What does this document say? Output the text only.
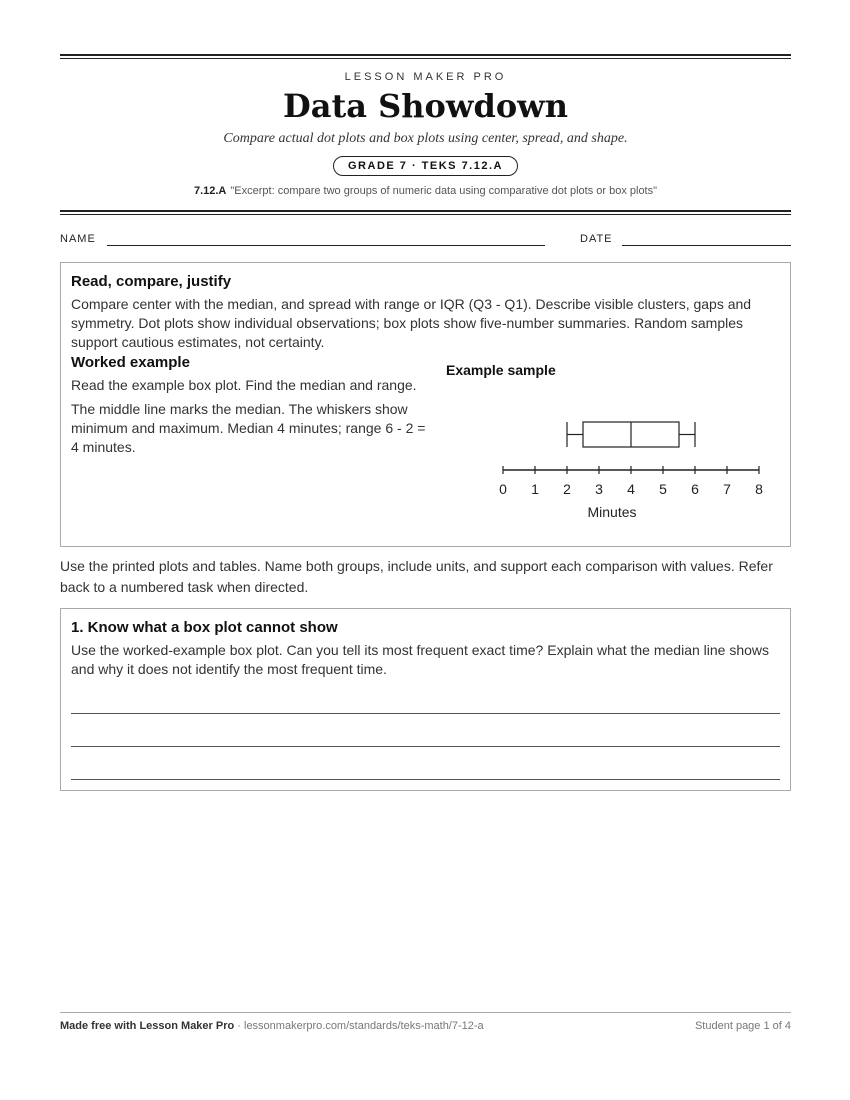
LESSON MAKER PRO
Data Showdown
Compare actual dot plots and box plots using center, spread, and shape.
GRADE 7 · TEKS 7.12.A
7.12.A "Excerpt: compare two groups of numeric data using comparative dot plots or box plots"
NAME	DATE
Read, compare, justify
Compare center with the median, and spread with range or IQR (Q3 - Q1). Describe visible clusters, gaps and symmetry. Dot plots show individual observations; box plots show five-number summaries. Random samples support cautious estimates, not certainty.
Worked example

Read the example box plot. Find the median and range.

The middle line marks the median. The whiskers show minimum and maximum. Median 4 minutes; range 6 - 2 = 4 minutes.

Example sample
0 1 2 3 4 5 6 7 8
Minutes
Use the printed plots and tables. Name both groups, include units, and support each comparison with values. Refer back to a numbered task when directed.
1. Know what a box plot cannot show
Use the worked-example box plot. Can you tell its most frequent exact time? Explain what the median line shows and why it does not identify the most frequent time.
Made free with Lesson Maker Pro · lessonmakerpro.com/standards/teks-math/7-12-a	Student page 1 of 4
